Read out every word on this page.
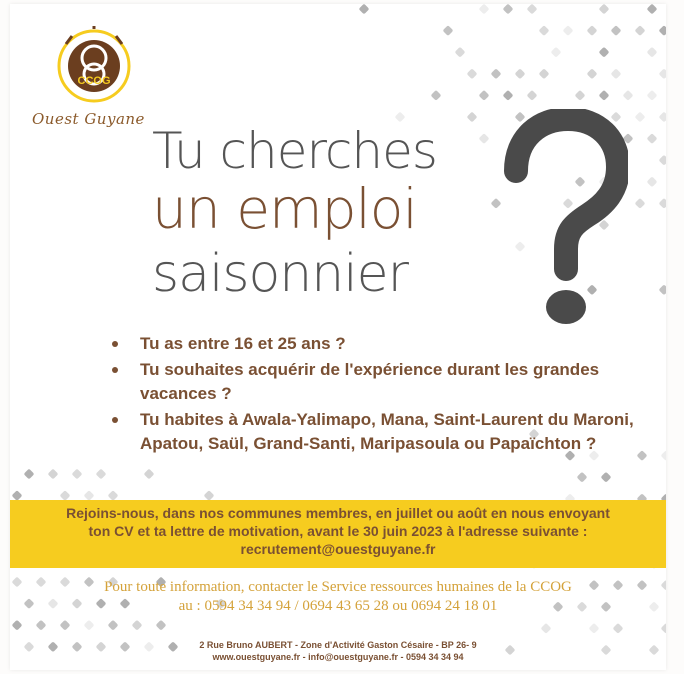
CCOG
Ouest Guyane
Tu cherches
un emploi
saisonnier
Tu as entre 16 et 25 ans ?
Tu souhaites acquérir de l'expérience durant les grandes vacances ?
Tu habites à Awala-Yalimapo, Mana, Saint-Laurent du Maroni, Apatou, Saül, Grand-Santi, Maripasoula ou Papaïchton ?
Rejoins-nous, dans nos communes membres, en juillet ou août en nous envoyant
ton CV et ta lettre de motivation, avant le 30 juin 2023 à l'adresse suivante :
recrutement@ouestguyane.fr
Pour toute information, contacter le Service ressources humaines de la CCOG
au : 0594 34 34 94 / 0694 43 65 28 ou 0694 24 18 01
2 Rue Bruno AUBERT - Zone d'Activité Gaston Césaire - BP 26- 9
www.ouestguyane.fr - info@ouestguyane.fr - 0594 34 34 94
